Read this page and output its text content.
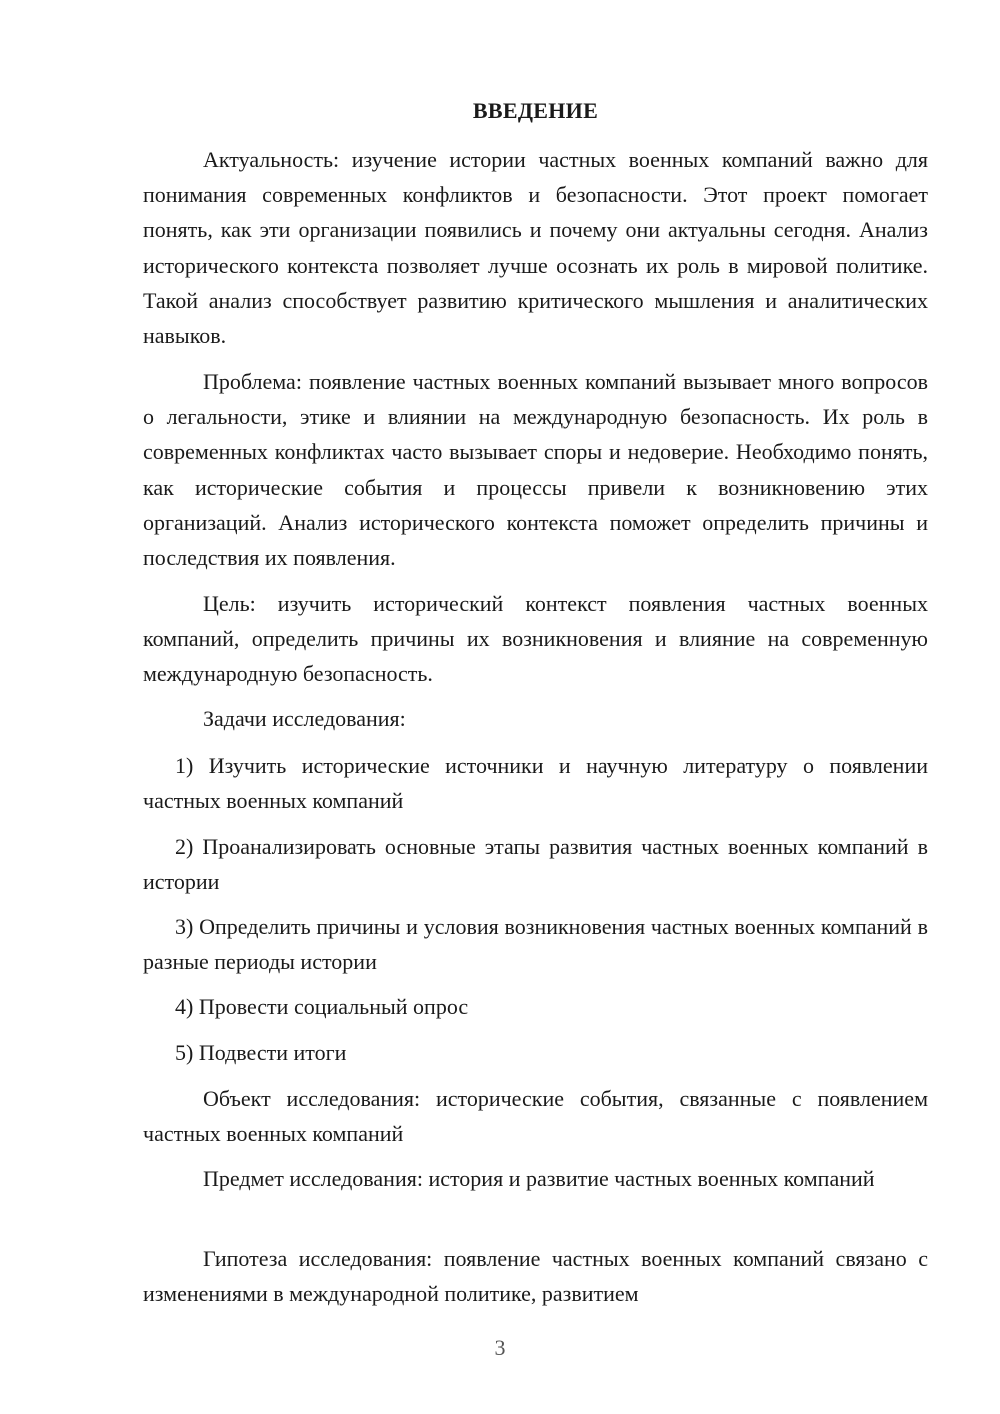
ВВЕДЕНИЕ

Актуальность: изучение истории частных военных компаний важно для понимания современных конфликтов и безопасности. Этот проект помогает понять, как эти организации появились и почему они актуальны сегодня. Анализ исторического контекста позволяет лучше осознать их роль в мировой политике. Такой анализ способствует развитию критического мышления и аналитических навыков.

Проблема: появление частных военных компаний вызывает много вопросов о легальности, этике и влиянии на международную безопасность. Их роль в современных конфликтах часто вызывает споры и недоверие. Необходимо понять, как исторические события и процессы привели к возникновению этих организаций. Анализ исторического контекста поможет определить причины и последствия их появления.

Цель: изучить исторический контекст появления частных военных компаний, определить причины их возникновения и влияние на современную международную безопасность.

Задачи исследования:

1) Изучить исторические источники и научную литературу о появлении частных военных компаний

2) Проанализировать основные этапы развития частных военных компаний в истории

3) Определить причины и условия возникновения частных военных компаний в разные периоды истории

4) Провести социальный опрос

5) Подвести итоги

Объект исследования: исторические события, связанные с появлением частных военных компаний

Предмет исследования: история и развитие частных военных компаний

Гипотеза исследования: появление частных военных компаний связано с изменениями в международной политике, развитием

3
